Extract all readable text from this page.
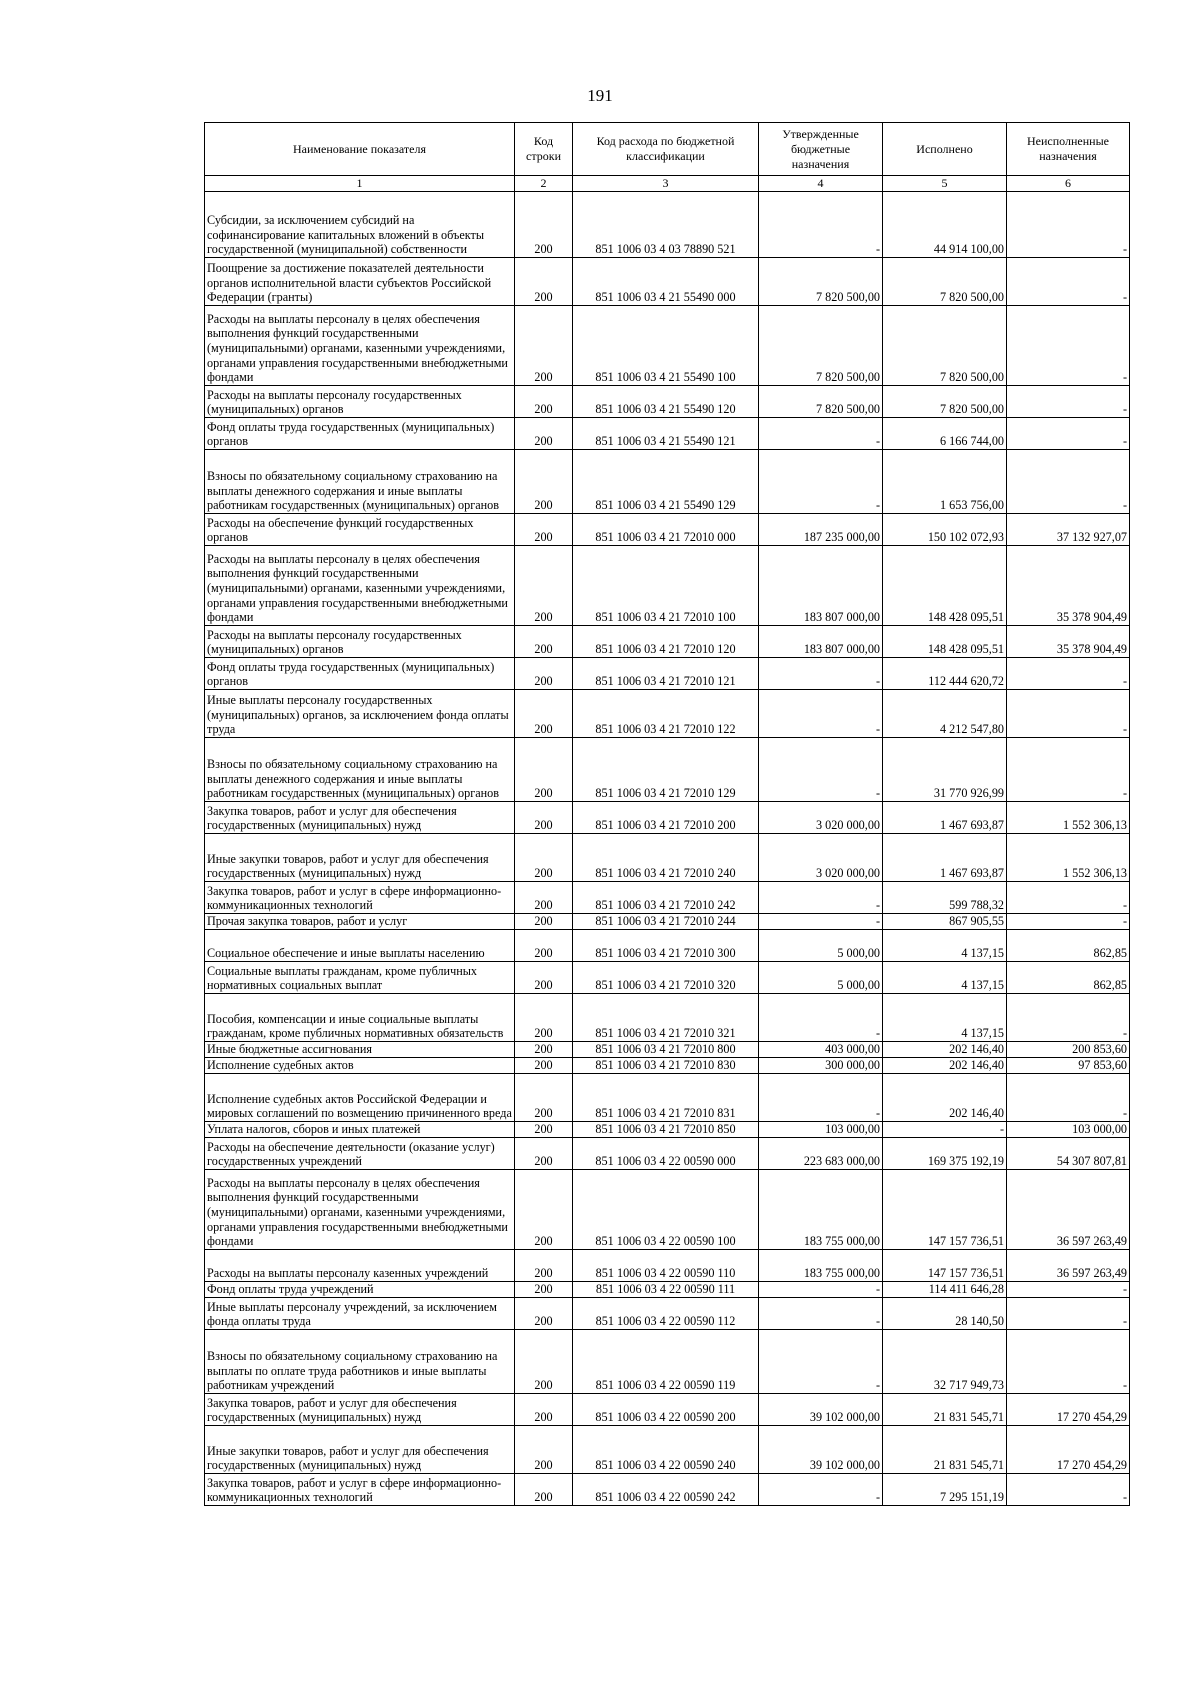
191
Наименование показателя	Код строки	Код расхода по бюджетной классификации	Утвержденные бюджетные назначения	Исполнено	Неисполненные назначения
1	2	3	4	5	6
Субсидии, за исключением субсидий на софинансирование капитальных вложений в объекты государственной (муниципальной) собственности	200	851 1006 03 4 03 78890 521	-	44 914 100,00	-
Поощрение за достижение показателей деятельности органов исполнительной власти субъектов Российской Федерации (гранты)	200	851 1006 03 4 21 55490 000	7 820 500,00	7 820 500,00	-
Расходы на выплаты персоналу в целях обеспечения выполнения функций государственными (муниципальными) органами, казенными учреждениями, органами управления государственными внебюджетными фондами	200	851 1006 03 4 21 55490 100	7 820 500,00	7 820 500,00	-
Расходы на выплаты персоналу государственных (муниципальных) органов	200	851 1006 03 4 21 55490 120	7 820 500,00	7 820 500,00	-
Фонд оплаты труда государственных (муниципальных) органов	200	851 1006 03 4 21 55490 121	-	6 166 744,00	-
Взносы по обязательному социальному страхованию на выплаты денежного содержания и иные выплаты работникам государственных (муниципальных) органов	200	851 1006 03 4 21 55490 129	-	1 653 756,00	-
Расходы на обеспечение функций государственных органов	200	851 1006 03 4 21 72010 000	187 235 000,00	150 102 072,93	37 132 927,07
Расходы на выплаты персоналу в целях обеспечения выполнения функций государственными (муниципальными) органами, казенными учреждениями, органами управления государственными внебюджетными фондами	200	851 1006 03 4 21 72010 100	183 807 000,00	148 428 095,51	35 378 904,49
Расходы на выплаты персоналу государственных (муниципальных) органов	200	851 1006 03 4 21 72010 120	183 807 000,00	148 428 095,51	35 378 904,49
Фонд оплаты труда государственных (муниципальных) органов	200	851 1006 03 4 21 72010 121	-	112 444 620,72	-
Иные выплаты персоналу государственных (муниципальных) органов, за исключением фонда оплаты труда	200	851 1006 03 4 21 72010 122	-	4 212 547,80	-
Взносы по обязательному социальному страхованию на выплаты денежного содержания и иные выплаты работникам государственных (муниципальных) органов	200	851 1006 03 4 21 72010 129	-	31 770 926,99	-
Закупка товаров, работ и услуг для обеспечения государственных (муниципальных) нужд	200	851 1006 03 4 21 72010 200	3 020 000,00	1 467 693,87	1 552 306,13
Иные закупки товаров, работ и услуг для обеспечения государственных (муниципальных) нужд	200	851 1006 03 4 21 72010 240	3 020 000,00	1 467 693,87	1 552 306,13
Закупка товаров, работ и услуг в сфере информационно-коммуникационных технологий	200	851 1006 03 4 21 72010 242	-	599 788,32	-
Прочая закупка товаров, работ и услуг	200	851 1006 03 4 21 72010 244	-	867 905,55	-
Социальное обеспечение и иные выплаты населению	200	851 1006 03 4 21 72010 300	5 000,00	4 137,15	862,85
Социальные выплаты гражданам, кроме публичных нормативных социальных выплат	200	851 1006 03 4 21 72010 320	5 000,00	4 137,15	862,85
Пособия, компенсации и иные социальные выплаты гражданам, кроме публичных нормативных обязательств	200	851 1006 03 4 21 72010 321	-	4 137,15	-
Иные бюджетные ассигнования	200	851 1006 03 4 21 72010 800	403 000,00	202 146,40	200 853,60
Исполнение судебных актов	200	851 1006 03 4 21 72010 830	300 000,00	202 146,40	97 853,60
Исполнение судебных актов Российской Федерации и мировых соглашений по возмещению причиненного вреда	200	851 1006 03 4 21 72010 831	-	202 146,40	-
Уплата налогов, сборов и иных платежей	200	851 1006 03 4 21 72010 850	103 000,00	-	103 000,00
Расходы на обеспечение деятельности (оказание услуг) государственных учреждений	200	851 1006 03 4 22 00590 000	223 683 000,00	169 375 192,19	54 307 807,81
Расходы на выплаты персоналу в целях обеспечения выполнения функций государственными (муниципальными) органами, казенными учреждениями, органами управления государственными внебюджетными фондами	200	851 1006 03 4 22 00590 100	183 755 000,00	147 157 736,51	36 597 263,49
Расходы на выплаты персоналу казенных учреждений	200	851 1006 03 4 22 00590 110	183 755 000,00	147 157 736,51	36 597 263,49
Фонд оплаты труда учреждений	200	851 1006 03 4 22 00590 111	-	114 411 646,28	-
Иные выплаты персоналу учреждений, за исключением фонда оплаты труда	200	851 1006 03 4 22 00590 112	-	28 140,50	-
Взносы по обязательному социальному страхованию на выплаты по оплате труда работников и иные выплаты работникам учреждений	200	851 1006 03 4 22 00590 119	-	32 717 949,73	-
Закупка товаров, работ и услуг для обеспечения государственных (муниципальных) нужд	200	851 1006 03 4 22 00590 200	39 102 000,00	21 831 545,71	17 270 454,29
Иные закупки товаров, работ и услуг для обеспечения государственных (муниципальных) нужд	200	851 1006 03 4 22 00590 240	39 102 000,00	21 831 545,71	17 270 454,29
Закупка товаров, работ и услуг в сфере информационно-коммуникационных технологий	200	851 1006 03 4 22 00590 242	-	7 295 151,19	-
